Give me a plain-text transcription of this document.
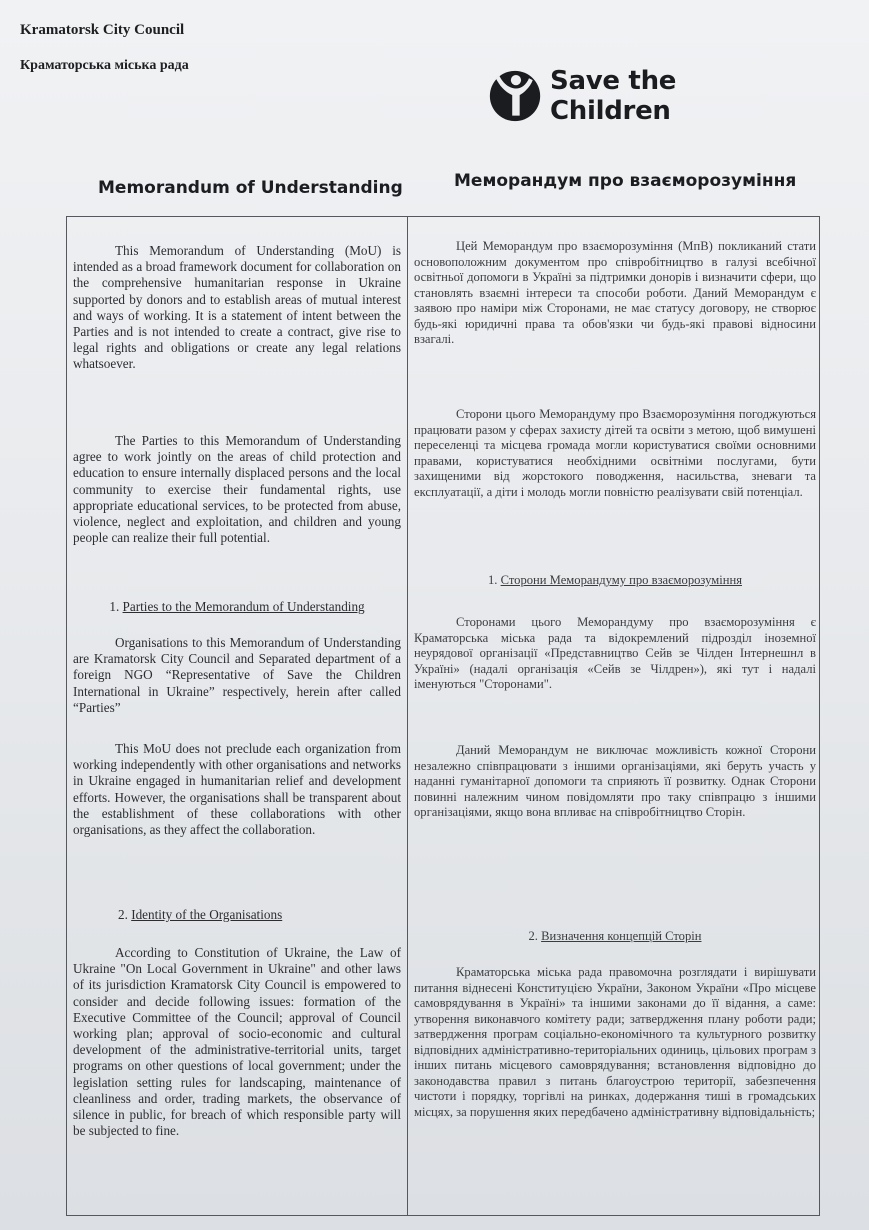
Kramatorsk City Council
Краматорська міська рада
Save the Children
Memorandum of Understanding	Меморандум про взаєморозуміння

This Memorandum of Understanding (MoU) is intended as a broad framework document for collaboration on the comprehensive humanitarian response in Ukraine supported by donors and to establish areas of mutual interest and ways of working. It is a statement of intent between the Parties and is not intended to create a contract, give rise to legal rights and obligations or create any legal relations whatsoever.

The Parties to this Memorandum of Understanding agree to work jointly on the areas of child protection and education to ensure internally displaced persons and the local community to exercise their fundamental rights, use appropriate educational services, to be protected from abuse, violence, neglect and exploitation, and children and young people can realize their full potential.

1. Parties to the Memorandum of Understanding

Organisations to this Memorandum of Understanding are Kramatorsk City Council and Separated department of a foreign NGO “Representative of Save the Children International in Ukraine” respectively, herein after called “Parties”

This MoU does not preclude each organization from working independently with other organisations and networks in Ukraine engaged in humanitarian relief and development efforts. However, the organisations shall be transparent about the establishment of these collaborations with other organisations, as they affect the collaboration.

2. Identity of the Organisations

According to Constitution of Ukraine, the Law of Ukraine "On Local Government in Ukraine" and other laws of its jurisdiction Kramatorsk City Council is empowered to consider and decide following issues: formation of the Executive Committee of the Council; approval of Council working plan; approval of socio-economic and cultural development of the administrative-territorial units, target programs on other questions of local government; under the legislation setting rules for landscaping, maintenance of cleanliness and order, trading markets, the observance of silence in public, for breach of which responsible party will be subjected to fine.

Цей Меморандум про взаєморозуміння (МпВ) покликаний стати основоположним документом про співробітництво в галузі всебічної освітньої допомоги в Україні за підтримки донорів і визначити сфери, що становлять взаємні інтереси та способи роботи. Даний Меморандум є заявою про наміри між Сторонами, не має статусу договору, не створює будь-які юридичні права та обов'язки чи будь-які правові відносини взагалі.

Сторони цього Меморандуму про Взаєморозуміння погоджуються працювати разом у сферах захисту дітей та освіти з метою, щоб вимушені переселенці та місцева громада могли користуватися своїми основними правами, користуватися необхідними освітніми послугами, бути захищеними від жорстокого поводження, насильства, зневаги та експлуатації, а діти і молодь могли повністю реалізувати свій потенціал.

1. Сторони Меморандуму про взаєморозуміння

Сторонами цього Меморандуму про взаєморозуміння є Краматорська міська рада та відокремлений підрозділ іноземної неурядової організації «Представництво Сейв зе Чілден Інтернешнл в Україні» (надалі організація «Сейв зе Чілдрен»), які тут і надалі іменуються "Сторонами".

Даний Меморандум не виключає можливість кожної Сторони незалежно співпрацювати з іншими організаціями, які беруть участь у наданні гуманітарної допомоги та сприяють її розвитку. Однак Сторони повинні належним чином повідомляти про таку співпрацю з іншими організаціями, якщо вона впливає на співробітництво Сторін.

2. Визначення концепцій Сторін

Краматорська міська рада правомочна розглядати і вирішувати питання віднесені Конституцією України, Законом України «Про місцеве самоврядування в Україні» та іншими законами до її відання, а саме: утворення виконавчого комітету ради; затвердження плану роботи ради; затвердження програм соціально-економічного та культурного розвитку відповідних адміністративно-територіальних одиниць, цільових програм з інших питань місцевого самоврядування; встановлення відповідно до законодавства правил з питань благоустрою території, забезпечення чистоти і порядку, торгівлі на ринках, додержання тиші в громадських місцях, за порушення яких передбачено адміністративну відповідальність;
